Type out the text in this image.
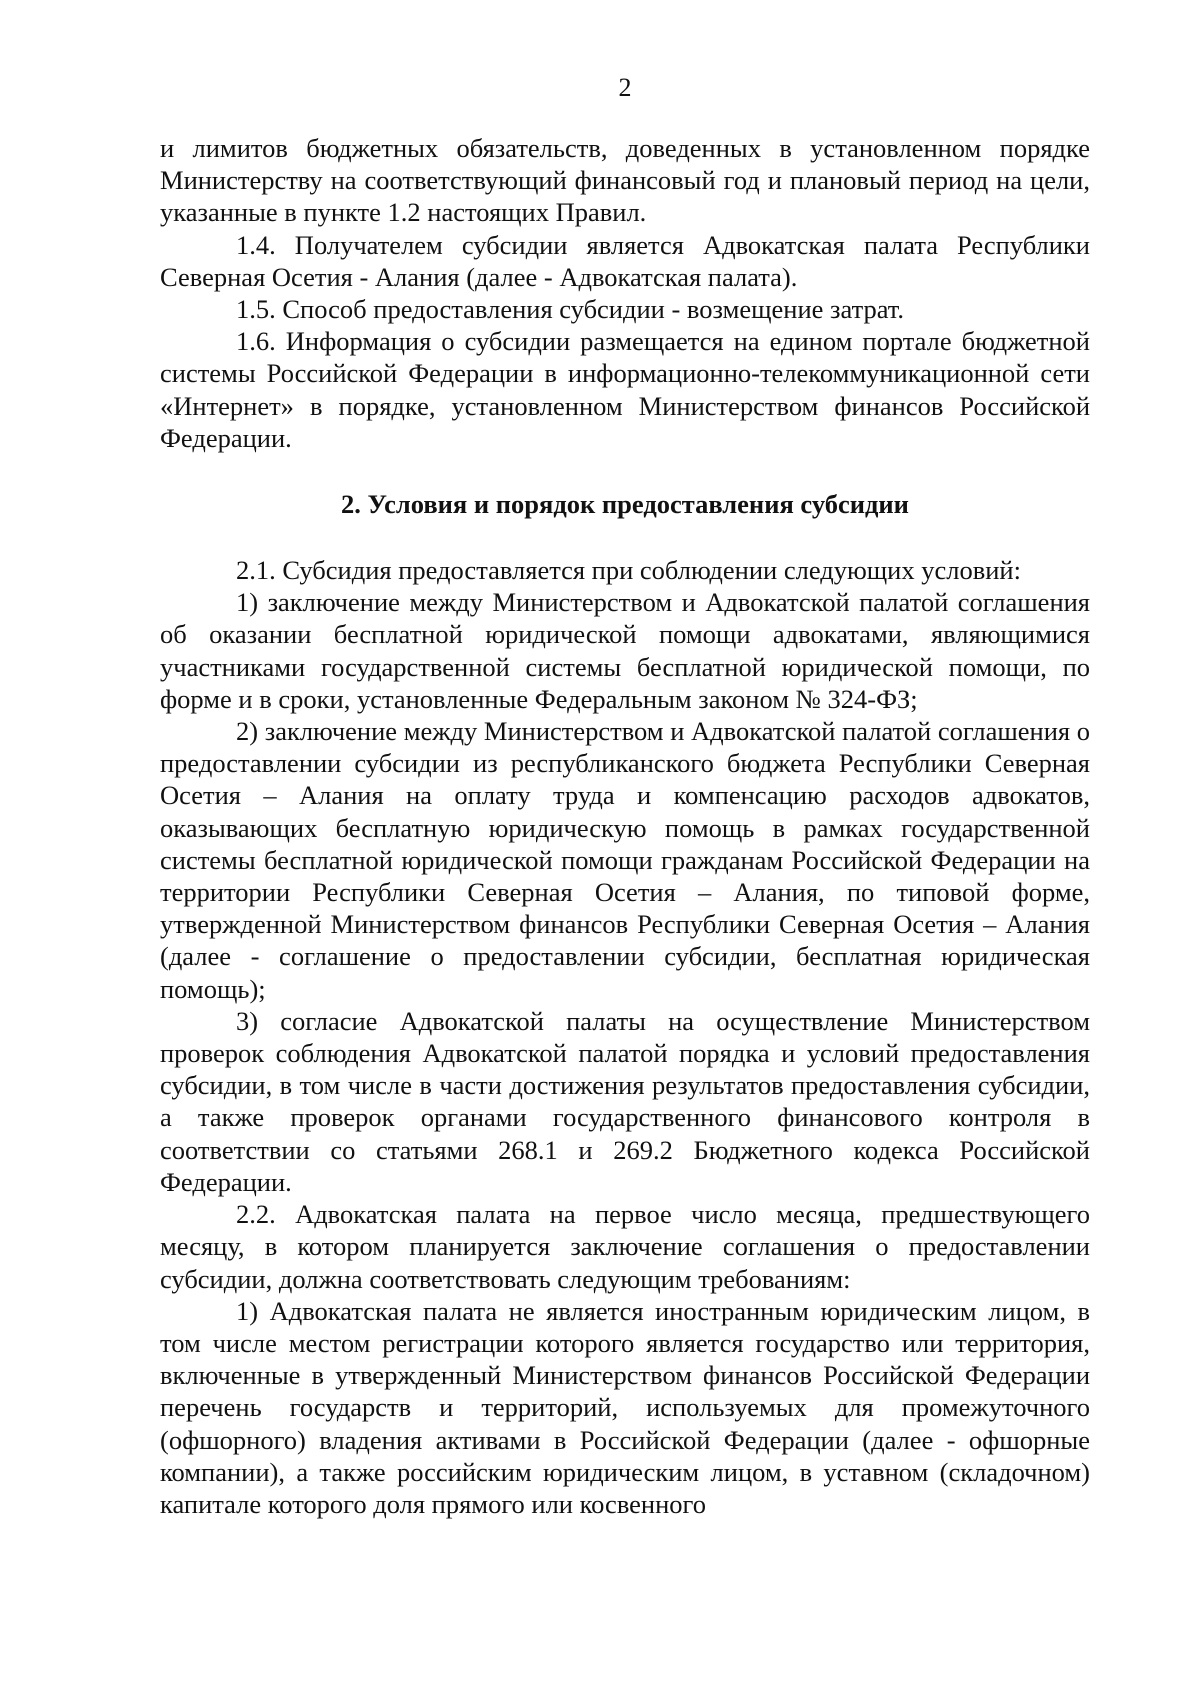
2

и лимитов бюджетных обязательств, доведенных в установленном порядке Министерству на соответствующий финансовый год и плановый период на цели, указанные в пункте 1.2 настоящих Правил.

1.4. Получателем субсидии является Адвокатская палата Республики Северная Осетия - Алания (далее - Адвокатская палата).

1.5. Способ предоставления субсидии - возмещение затрат.

1.6. Информация о субсидии размещается на едином портале бюджетной системы Российской Федерации в информационно-телекоммуникационной сети «Интернет» в порядке, установленном Министерством финансов Российской Федерации.

2. Условия и порядок предоставления субсидии

2.1. Субсидия предоставляется при соблюдении следующих условий:

1) заключение между Министерством и Адвокатской палатой соглашения об оказании бесплатной юридической помощи адвокатами, являющимися участниками государственной системы бесплатной юридической помощи, по форме и в сроки, установленные Федеральным законом № 324-ФЗ;

2) заключение между Министерством и Адвокатской палатой соглашения о предоставлении субсидии из республиканского бюджета Республики Северная Осетия – Алания на оплату труда и компенсацию расходов адвокатов, оказывающих бесплатную юридическую помощь в рамках государственной системы бесплатной юридической помощи гражданам Российской Федерации на территории Республики Северная Осетия – Алания, по типовой форме, утвержденной Министерством финансов Республики Северная Осетия – Алания (далее - соглашение о предоставлении субсидии, бесплатная юридическая помощь);

3) согласие Адвокатской палаты на осуществление Министерством проверок соблюдения Адвокатской палатой порядка и условий предоставления субсидии, в том числе в части достижения результатов предоставления субсидии, а также проверок органами государственного финансового контроля в соответствии со статьями 268.1 и 269.2 Бюджетного кодекса Российской Федерации.

2.2. Адвокатская палата на первое число месяца, предшествующего месяцу, в котором планируется заключение соглашения о предоставлении субсидии, должна соответствовать следующим требованиям:

1) Адвокатская палата не является иностранным юридическим лицом, в том числе местом регистрации которого является государство или территория, включенные в утвержденный Министерством финансов Российской Федерации перечень государств и территорий, используемых для промежуточного (офшорного) владения активами в Российской Федерации (далее - офшорные компании), а также российским юридическим лицом, в уставном (складочном) капитале которого доля прямого или косвенного
